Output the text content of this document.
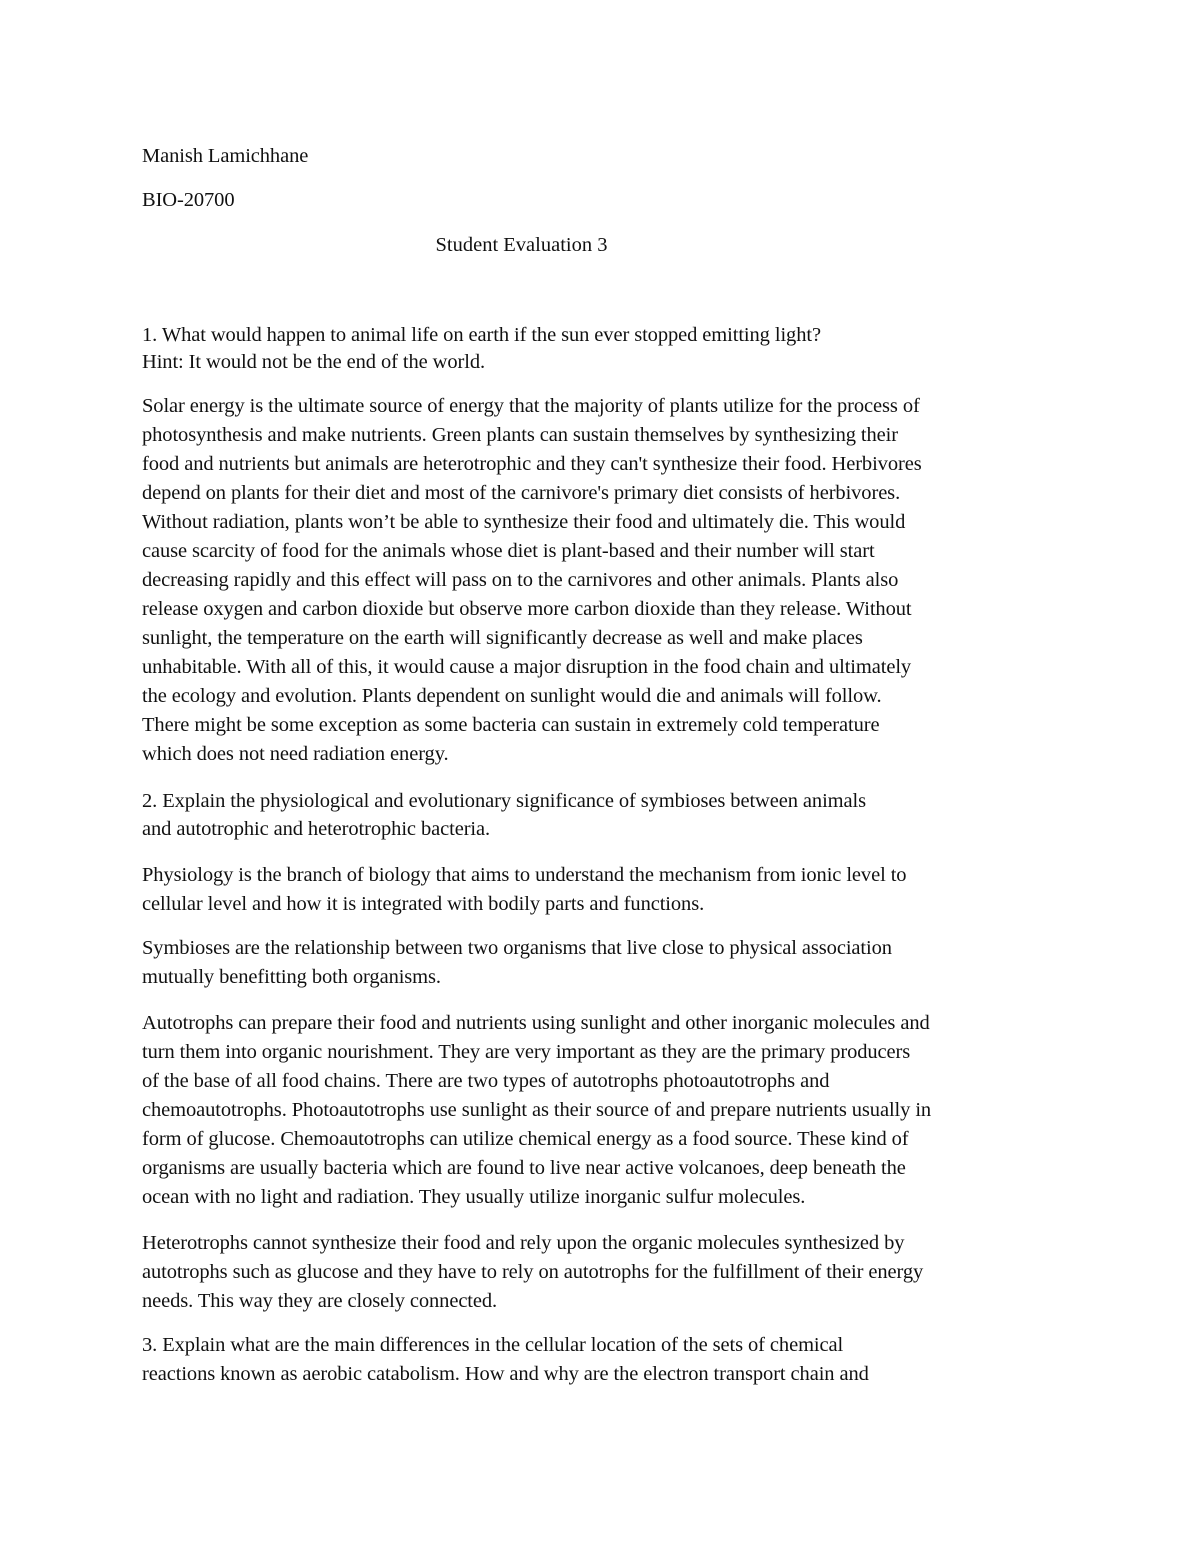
Manish Lamichhane
BIO-20700
Student Evaluation 3
1. What would happen to animal life on earth if the sun ever stopped emitting light?
Hint: It would not be the end of the world.
Solar energy is the ultimate source of energy that the majority of plants utilize for the process of
photosynthesis and make nutrients. Green plants can sustain themselves by synthesizing their
food and nutrients but animals are heterotrophic and they can't synthesize their food. Herbivores
depend on plants for their diet and most of the carnivore's primary diet consists of herbivores.
Without radiation, plants won’t be able to synthesize their food and ultimately die. This would
cause scarcity of food for the animals whose diet is plant-based and their number will start
decreasing rapidly and this effect will pass on to the carnivores and other animals. Plants also
release oxygen and carbon dioxide but observe more carbon dioxide than they release. Without
sunlight, the temperature on the earth will significantly decrease as well and make places
unhabitable. With all of this, it would cause a major disruption in the food chain and ultimately
the ecology and evolution. Plants dependent on sunlight would die and animals will follow.
There might be some exception as some bacteria can sustain in extremely cold temperature
which does not need radiation energy.
2. Explain the physiological and evolutionary significance of symbioses between animals
and autotrophic and heterotrophic bacteria.
Physiology is the branch of biology that aims to understand the mechanism from ionic level to
cellular level and how it is integrated with bodily parts and functions.
Symbioses are the relationship between two organisms that live close to physical association
mutually benefitting both organisms.
Autotrophs can prepare their food and nutrients using sunlight and other inorganic molecules and
turn them into organic nourishment. They are very important as they are the primary producers
of the base of all food chains. There are two types of autotrophs photoautotrophs and
chemoautotrophs. Photoautotrophs use sunlight as their source of and prepare nutrients usually in
form of glucose. Chemoautotrophs can utilize chemical energy as a food source. These kind of
organisms are usually bacteria which are found to live near active volcanoes, deep beneath the
ocean with no light and radiation. They usually utilize inorganic sulfur molecules.
Heterotrophs cannot synthesize their food and rely upon the organic molecules synthesized by
autotrophs such as glucose and they have to rely on autotrophs for the fulfillment of their energy
needs. This way they are closely connected.
3. Explain what are the main differences in the cellular location of the sets of chemical
reactions known as aerobic catabolism. How and why are the electron transport chain and
